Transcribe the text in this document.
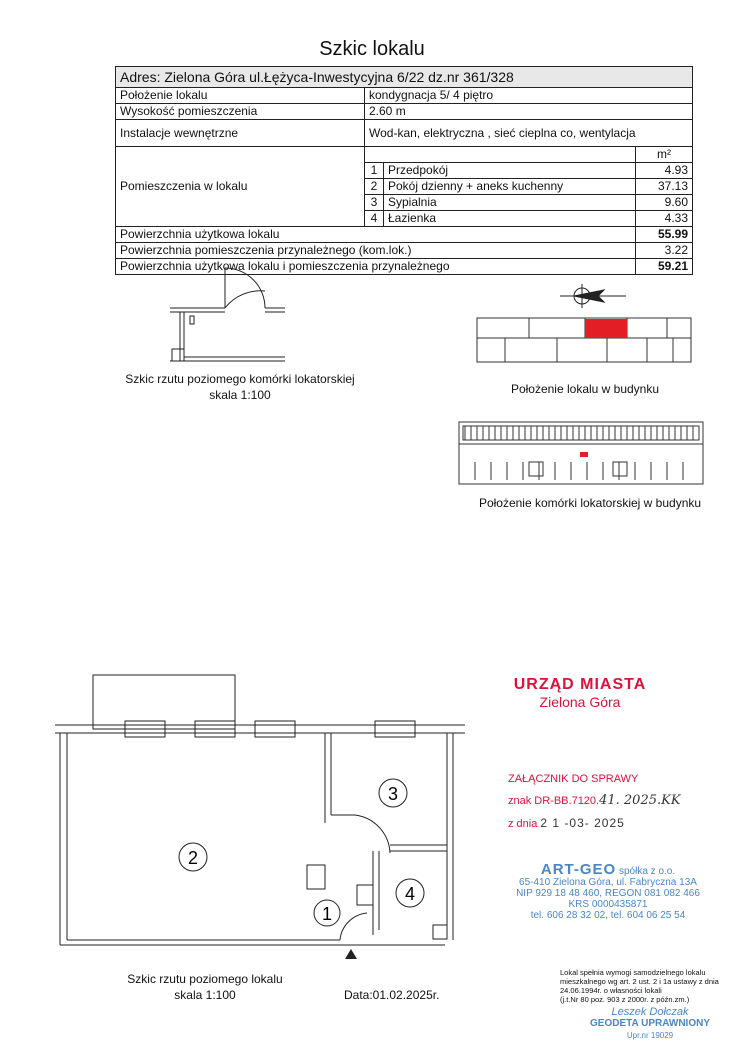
Szkic lokalu
Adres: Zielona Góra ul.Łężyca-Inwestycyjna 6/22 dz.nr 361/328			
Położenie lokalu	kondygnacja 5/ 4 piętro		
Wysokość pomieszczenia	2.60 m		
Instalacje wewnętrzne	Wod-kan, elektryczna , sieć cieplna co, wentylacja		
Pomieszczenia w lokalu			m²
	1	Przedpokój	4.93
	2	Pokój dzienny + aneks kuchenny	37.13
	3	Sypialnia	9.60
	4	Łazienka	4.33
Powierzchnia użytkowa lokalu			55.99
Powierzchnia pomieszczenia przynależnego (kom.lok.)			3.22
Powierzchnia użytkowa lokalu i pomieszczenia przynależnego			59.21
Szkic rzutu poziomego komórki lokatorskiej
skala 1:100	Położenie lokalu w budynku
Położenie komórki lokatorskiej w budynku
2
3
1
4
Szkic rzutu poziomego lokalu
skala 1:100	Data:01.02.2025r.
URZĄD MIASTA
Zielona Góra
ZAŁĄCZNIK DO SPRAWY
znak DR-BB.7120.41. 2025.KK
z dnia 2 1 -03- 2025
ART-GEO spółka z o.o.
65-410 Zielona Góra, ul. Fabryczna 13A
NIP 929 18 48 460, REGON 081 082 466
KRS 0000435871
tel. 606 28 32 02, tel. 604 06 25 54
Lokal spełnia wymogi samodzielnego lokalu
mieszkalnego wg art. 2 ust. 2 i 1a ustawy z dnia
24.06.1994r. o własności lokali
(j.t.Nr 80 poz. 903 z 2000r. z późn.zm.)
Leszek Dołczak
GEODETA UPRAWNIONY
Upr.nr 19029
